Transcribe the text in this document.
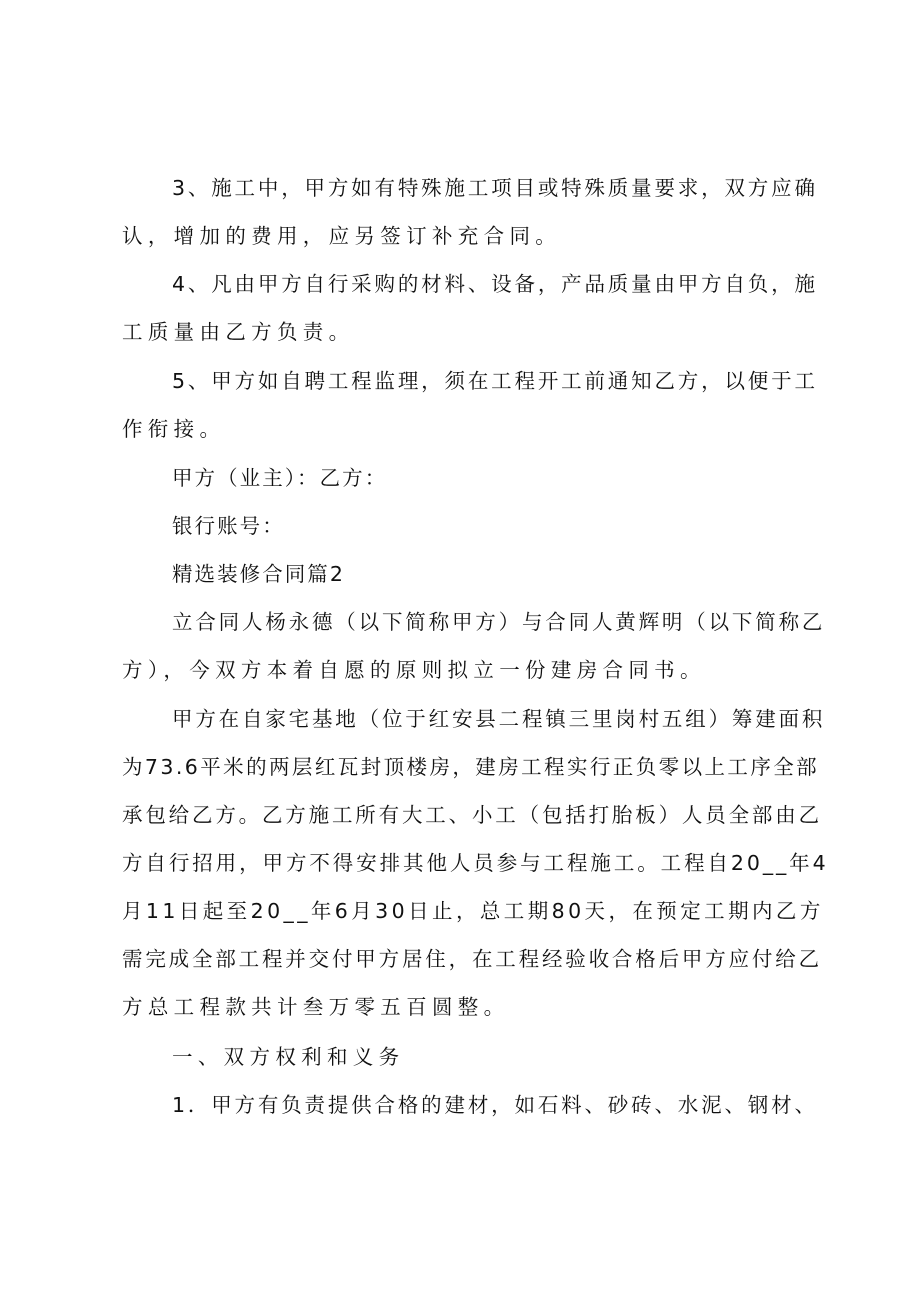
3、施工中，甲方如有特殊施工项目或特殊质量要求，双方应确
认，增加的费用，应另签订补充合同。
4、凡由甲方自行采购的材料、设备，产品质量由甲方自负，施
工质量由乙方负责。
5、甲方如自聘工程监理，须在工程开工前通知乙方，以便于工
作衔接。
甲方（业主）：乙方：
银行账号：
精选装修合同篇2
立合同人杨永德（以下简称甲方）与合同人黄辉明（以下简称乙
方），今双方本着自愿的原则拟立一份建房合同书。
甲方在自家宅基地（位于红安县二程镇三里岗村五组）筹建面积
为73.6平米的两层红瓦封顶楼房，建房工程实行正负零以上工序全部
承包给乙方。乙方施工所有大工、小工（包括打胎板）人员全部由乙
方自行招用，甲方不得安排其他人员参与工程施工。工程自20__年4
月11日起至20__年6月30日止，总工期80天，在预定工期内乙方
需完成全部工程并交付甲方居住，在工程经验收合格后甲方应付给乙
方总工程款共计叁万零五百圆整。
一、双方权利和义务
1．甲方有负责提供合格的建材，如石料、砂砖、水泥、钢材、
